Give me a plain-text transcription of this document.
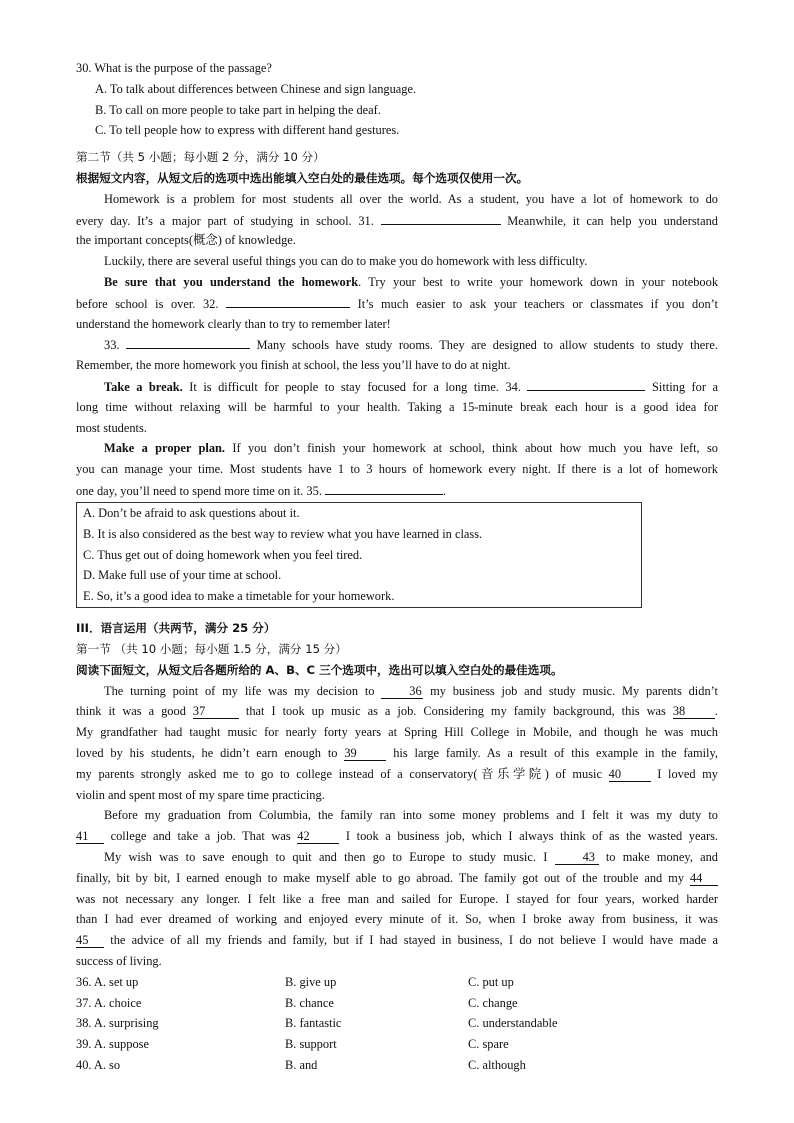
30. What is the purpose of the passage?
A. To talk about differences between Chinese and sign language.
B. To call on more people to take part in helping the deaf.
C. To tell people how to express with different hand gestures.
第二节（共 5 小题；每小题 2 分，满分 10 分）
根据短文内容，从短文后的选项中选出能填入空白处的最佳选项。每个选项仅使用一次。
Homework is a problem for most students all over the world. As a student, you have a lot of homework to do
every day. It’s a major part of studying in school. 31.	Meanwhile, it can help you understand
the important concepts(概念) of knowledge.
Luckily, there are several useful things you can do to make you do homework with less difficulty.
Be sure that you understand the homework. Try your best to write your homework down in your notebook
before school is over. 32.	It’s much easier to ask your teachers or classmates if you don’t
understand the homework clearly than to try to remember later!
33.	Many schools have study rooms. They are designed to allow students to study there.
Remember, the more homework you finish at school, the less you’ll have to do at night.
Take a break. It is difficult for people to stay focused for a long time. 34.	Sitting for a
long time without relaxing will be harmful to your health. Taking a 15-minute break each hour is a good idea for
most students.
Make a proper plan. If you don’t finish your homework at school, think about how much you have left, so
you can manage your time. Most students have 1 to 3 hours of homework every night. If there is a lot of homework
one day, you’ll need to spend more time on it. 35.	.
A. Don’t be afraid to ask questions about it.
B. It is also considered as the best way to review what you have learned in class.
C. Thus get out of doing homework when you feel tired.
D. Make full use of your time at school.
E. So, it’s a good idea to make a timetable for your homework.
III．语言运用（共两节，满分 25 分）
第一节 （共 10 小题；每小题 1.5 分，满分 15 分）
阅读下面短文，从短文后各题所给的 A、B、C 三个选项中，选出可以填入空白处的最佳选项。
The turning point of my life was my decision to	36 my business job and study music. My parents didn’t
think it was a good 37	that I took up music as a job. Considering my family background, this was 38 .
My grandfather had taught music for nearly forty years at Spring Hill College in Mobile, and though he was much
loved by his students, he didn’t earn enough to 39	his large family. As a result of this example in the family,
my parents strongly asked me to go to college instead of a conservatory(音乐学院) of music 40	I loved my
violin and spent most of my spare time practicing.
Before my graduation from Columbia, the family ran into some money problems and I felt it was my duty to
41 college and take a job. That was 42	I took a business job, which I always think of as the wasted years.
My wish was to save enough to quit and then go to Europe to study music. I	43 to make money, and
finally, bit by bit, I earned enough to make myself able to go abroad. The family got out of the trouble and my 44
was not necessary any longer. I felt like a free man and sailed for Europe. I stayed for four years, worked harder
than I had ever dreamed of working and enjoyed every minute of it. So, when I broke away from business, it was
45 the advice of all my friends and family, but if I had stayed in business, I do not believe I would have made a
success of living.
36. A. set up	B. give up	C. put up
37. A. choice	B. chance	C. change
38. A. surprising	B. fantastic	C. understandable
39. A. suppose	B. support	C. spare
40. A. so	B. and	C. although
